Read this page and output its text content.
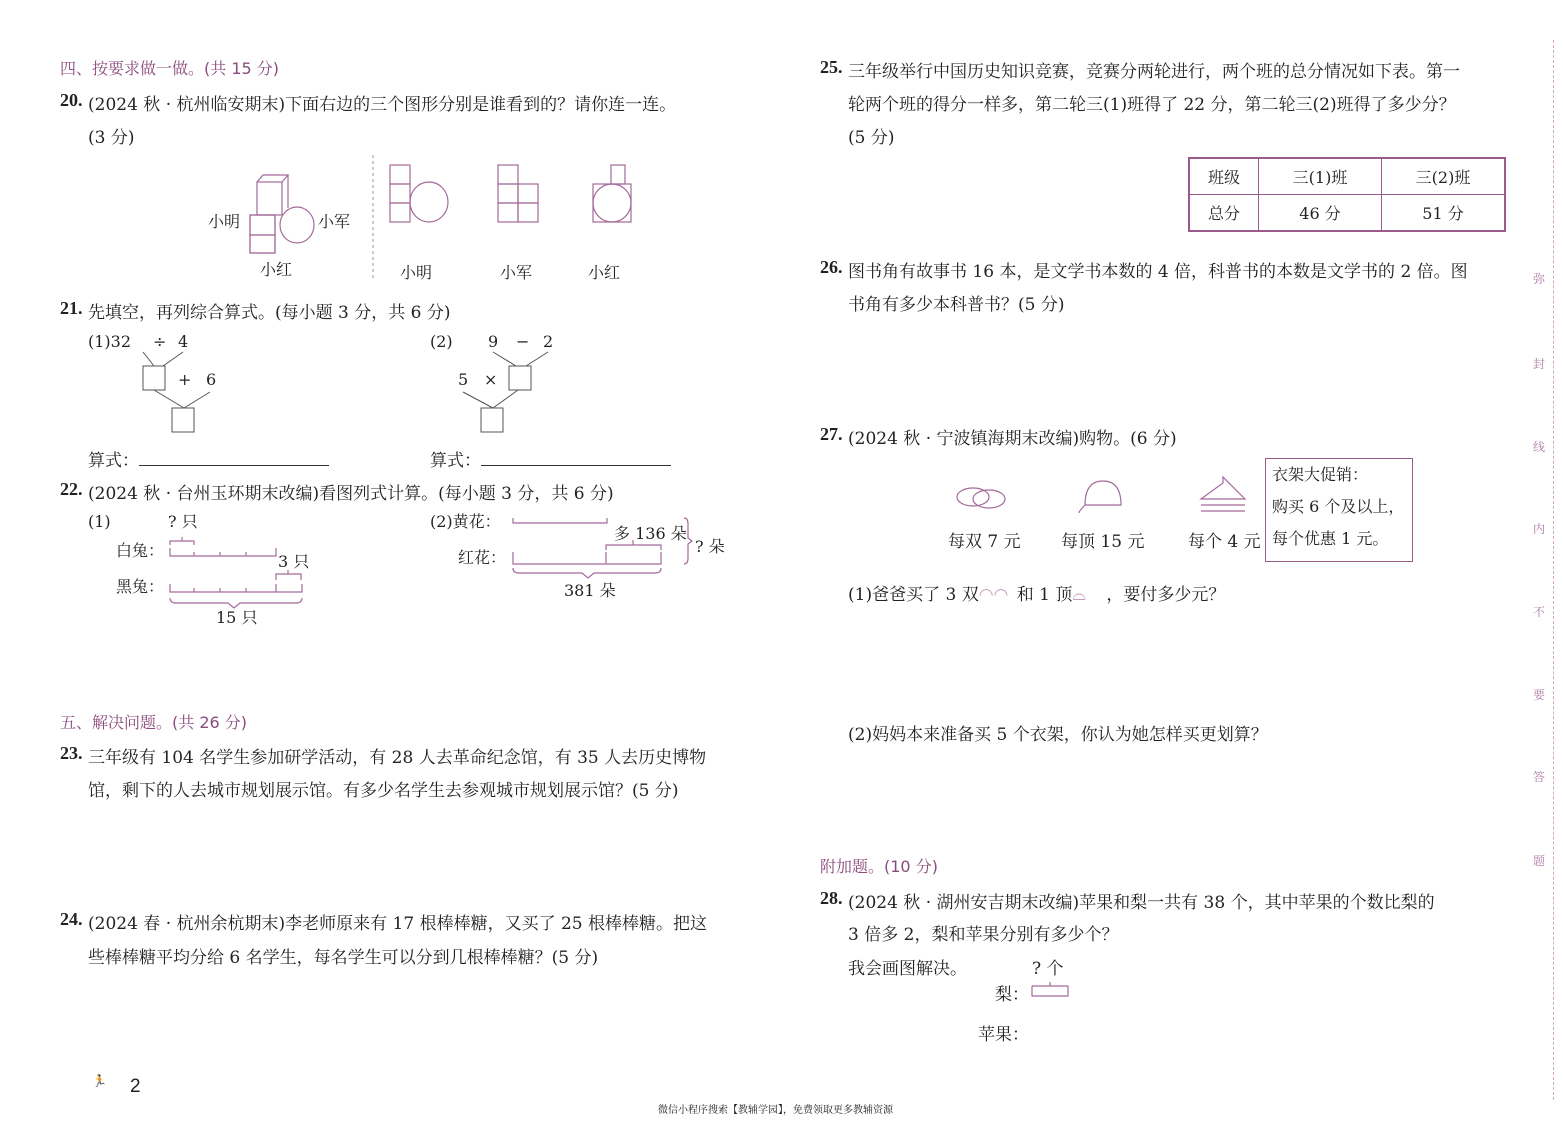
四、按要求做一做。(共 15 分)
20. (2024 秋 · 杭州临安期末)下面右边的三个图形分别是谁看到的？请你连一连。
(3 分)
小明	小军
小红	小明	小军	小红
21. 先填空，再列综合算式。(每小题 3 分，共 6 分)
(1)32 ÷ 4
+ 6
(2) 9 − 2
5 ×
算式：	算式：
22. (2024 秋 · 台州玉环期末改编)看图列式计算。(每小题 3 分，共 6 分)
(1)	? 只
白兔：
3 只
黑兔：
15 只
(2)黄花：
多 136 朵
红花：
? 朵
381 朵
五、解决问题。(共 26 分)
23. 三年级有 104 名学生参加研学活动，有 28 人去革命纪念馆，有 35 人去历史博物
馆，剩下的人去城市规划展示馆。有多少名学生去参观城市规划展示馆？(5 分)
24. (2024 春 · 杭州余杭期末)李老师原来有 17 根棒棒糖，又买了 25 根棒棒糖。把这
些棒棒糖平均分给 6 名学生，每名学生可以分到几根棒棒糖？(5 分)
🏃 2
微信小程序搜索【教辅学园】，免费领取更多教辅资源
25. 三年级举行中国历史知识竞赛，竞赛分两轮进行，两个班的总分情况如下表。第一
轮两个班的得分一样多，第二轮三(1)班得了 22 分，第二轮三(2)班得了多少分？
(5 分)
班级	三(1)班	三(2)班
总分	46 分	51 分
26. 图书角有故事书 16 本，是文学书本数的 4 倍，科普书的本数是文学书的 2 倍。图
书角有多少本科普书？(5 分)
27. (2024 秋 · 宁波镇海期末改编)购物。(6 分)
每双 7 元 每顶 15 元	每个 4 元
衣架大促销：
购买 6 个及以上，
每个优惠 1 元。
(1)爸爸买了 3 双◠◠ 和 1 顶⌓ ，要付多少元？
(2)妈妈本来准备买 5 个衣架，你认为她怎样买更划算？
附加题。(10 分)
28. (2024 秋 · 湖州安吉期末改编)苹果和梨一共有 38 个，其中苹果的个数比梨的
3 倍多 2，梨和苹果分别有多少个？
我会画图解决。	? 个
梨：
苹果：
弥
封
线
内
不
要
答
题
